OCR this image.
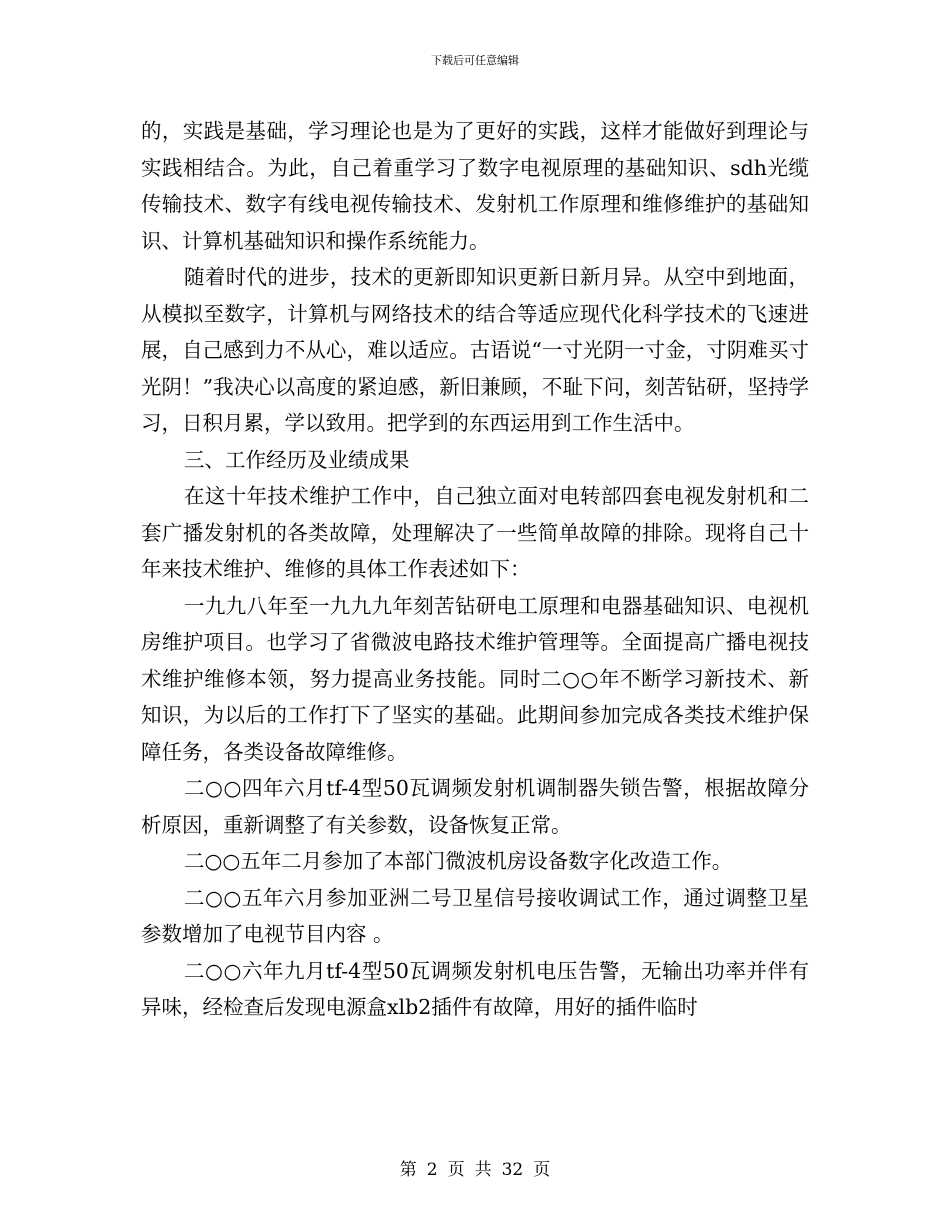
下载后可任意编辑

的，实践是基础，学习理论也是为了更好的实践，这样才能做好到理论与实践相结合。为此，自己着重学习了数字电视原理的基础知识、sdh光缆传输技术、数字有线电视传输技术、发射机工作原理和维修维护的基础知识、计算机基础知识和操作系统能力。

随着时代的进步，技术的更新即知识更新日新月异。从空中到地面，从模拟至数字，计算机与网络技术的结合等适应现代化科学技术的飞速进展，自己感到力不从心，难以适应。古语说“一寸光阴一寸金，寸阴难买寸光阴！”我决心以高度的紧迫感，新旧兼顾，不耻下问，刻苦钻研，坚持学习，日积月累，学以致用。把学到的东西运用到工作生活中。

三、工作经历及业绩成果

在这十年技术维护工作中，自己独立面对电转部四套电视发射机和二套广播发射机的各类故障，处理解决了一些简单故障的排除。现将自己十年来技术维护、维修的具体工作表述如下：

一九九八年至一九九九年刻苦钻研电工原理和电器基础知识、电视机房维护项目。也学习了省微波电路技术维护管理等。全面提高广播电视技术维护维修本领，努力提高业务技能。同时二○○年不断学习新技术、新知识，为以后的工作打下了坚实的基础。此期间参加完成各类技术维护保障任务，各类设备故障维修。

二○○四年六月tf-4型50瓦调频发射机调制器失锁告警，根据故障分析原因，重新调整了有关参数，设备恢复正常。

二○○五年二月参加了本部门微波机房设备数字化改造工作。

二○○五年六月参加亚洲二号卫星信号接收调试工作，通过调整卫星参数增加了电视节目内容 。

二○○六年九月tf-4型50瓦调频发射机电压告警，无输出功率并伴有异味，经检查后发现电源盒xlb2插件有故障，用好的插件临时

第 2 页 共 32 页
